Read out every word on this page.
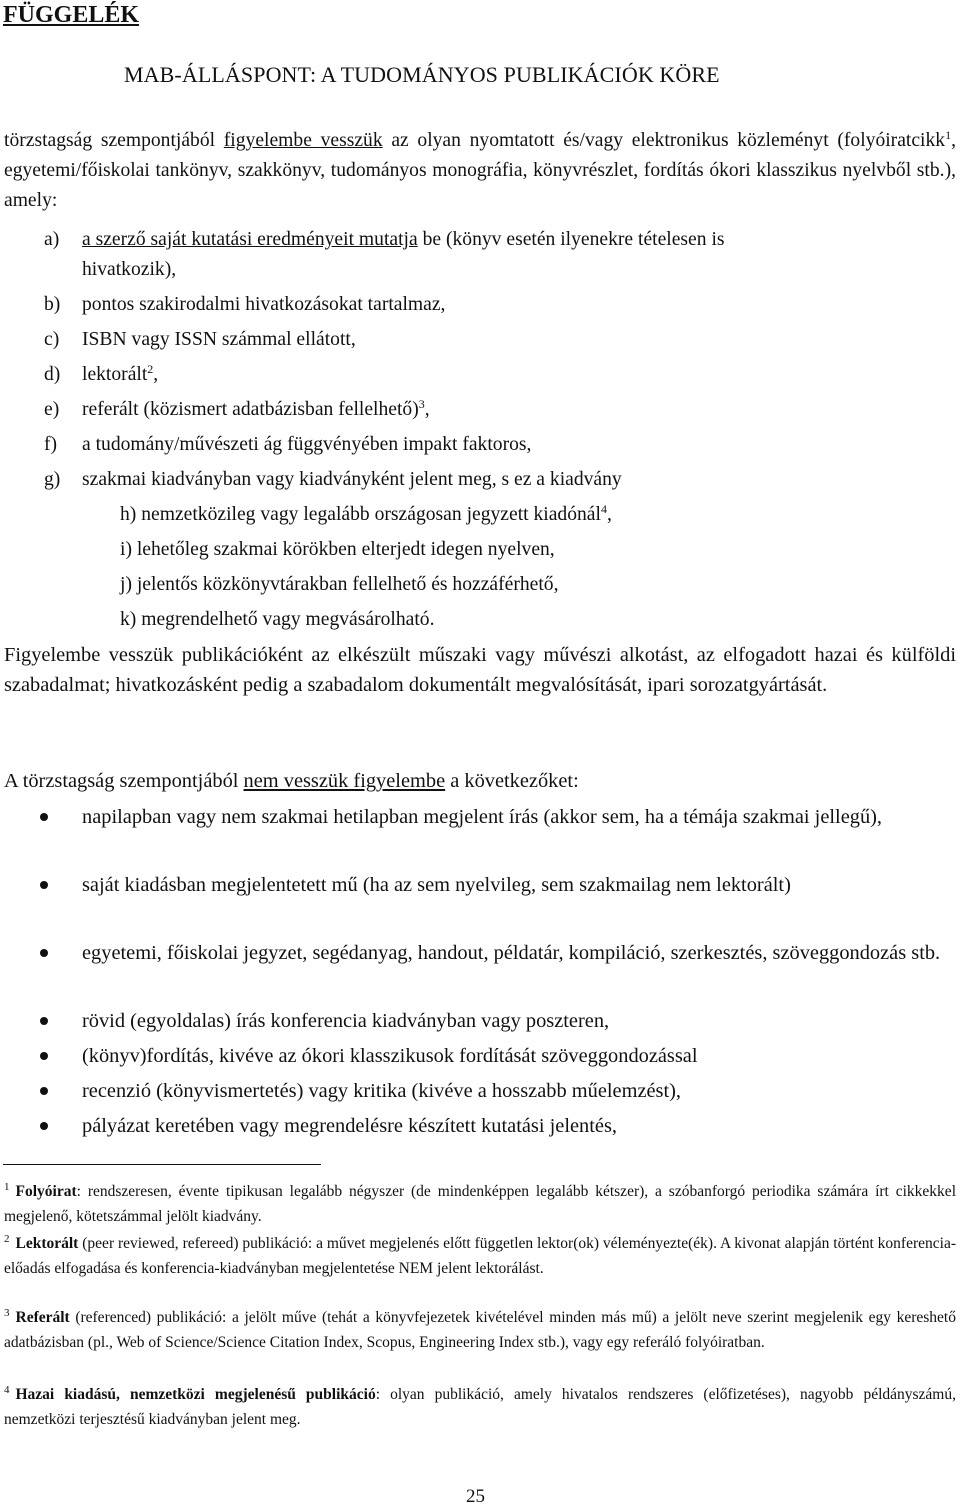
FÜGGELÉK
MAB-ÁLLÁSPONT: A TUDOMÁNYOS PUBLIKÁCIÓK KÖRE

törzstagság szempontjából figyelembe vesszük az olyan nyomtatott és/vagy elektronikus közleményt (folyóiratcikk$^1$, egyetemi/főiskolai tankönyv, szakkönyv, tudományos monográfia, könyvrészlet, fordítás ókori klasszikus nyelvből stb.), amely:

a) a szerző saját kutatási eredményeit mutatja be (könyv esetén ilyenekre tételesen is

hivatkozik),

b) pontos szakirodalmi hivatkozásokat tartalmaz,

c) ISBN vagy ISSN számmal ellátott,

d) lektorált$^2$,

e) referált (közismert adatbázisban fellelhető)$^3$,

f) a tudomány/művészeti ág függvényében impakt faktoros,

g) szakmai kiadványban vagy kiadványként jelent meg, s ez a kiadvány

h) nemzetközileg vagy legalább országosan jegyzett kiadónál$^4$,

i) lehetőleg szakmai körökben elterjedt idegen nyelven,

j) jelentős közkönyvtárakban fellelhető és hozzáférhető,

k) megrendelhető vagy megvásárolható.

Figyelembe vesszük publikációként az elkészült műszaki vagy művészi alkotást, az elfogadott hazai és külföldi szabadalmat; hivatkozásként pedig a szabadalom dokumentált megvalósítását, ipari sorozatgyártását.

A törzstagság szempontjából nem vesszük figyelembe a következőket:

napilapban vagy nem szakmai hetilapban megjelent írás (akkor sem, ha a témája szakmai jellegű),

saját kiadásban megjelentetett mű (ha az sem nyelvileg, sem szakmailag nem lektorált)

egyetemi, főiskolai jegyzet, segédanyag, handout, példatár, kompiláció, szerkesztés, szöveggondozás stb.

rövid (egyoldalas) írás konferencia kiadványban vagy poszteren,

(könyv)fordítás, kivéve az ókori klasszikusok fordítását szöveggondozással

recenzió (könyvismertetés) vagy kritika (kivéve a hosszabb műelemzést),

pályázat keretében vagy megrendelésre készített kutatási jelentés,

$^1$ Folyóirat: rendszeresen, évente tipikusan legalább négyszer (de mindenképpen legalább kétszer), a szóbanforgó periodika számára írt cikkekkel megjelenő, kötetszámmal jelölt kiadvány.

$^2$ Lektorált (peer reviewed, refereed) publikáció: a művet megjelenés előtt független lektor(ok) véleményezte(ék). A kivonat alapján történt konferencia-előadás elfogadása és konferencia-kiadványban megjelentetése NEM jelent lektorálást.

$^3$ Referált (referenced) publikáció: a jelölt műve (tehát a könyvfejezetek kivételével minden más mű) a jelölt neve szerint megjelenik egy kereshető adatbázisban (pl., Web of Science/Science Citation Index, Scopus, Engineering Index stb.), vagy egy referáló folyóiratban.

$^4$ Hazai kiadású, nemzetközi megjelenésű publikáció: olyan publikáció, amely hivatalos rendszeres (előfizetéses), nagyobb példányszámú, nemzetközi terjesztésű kiadványban jelent meg.

25
